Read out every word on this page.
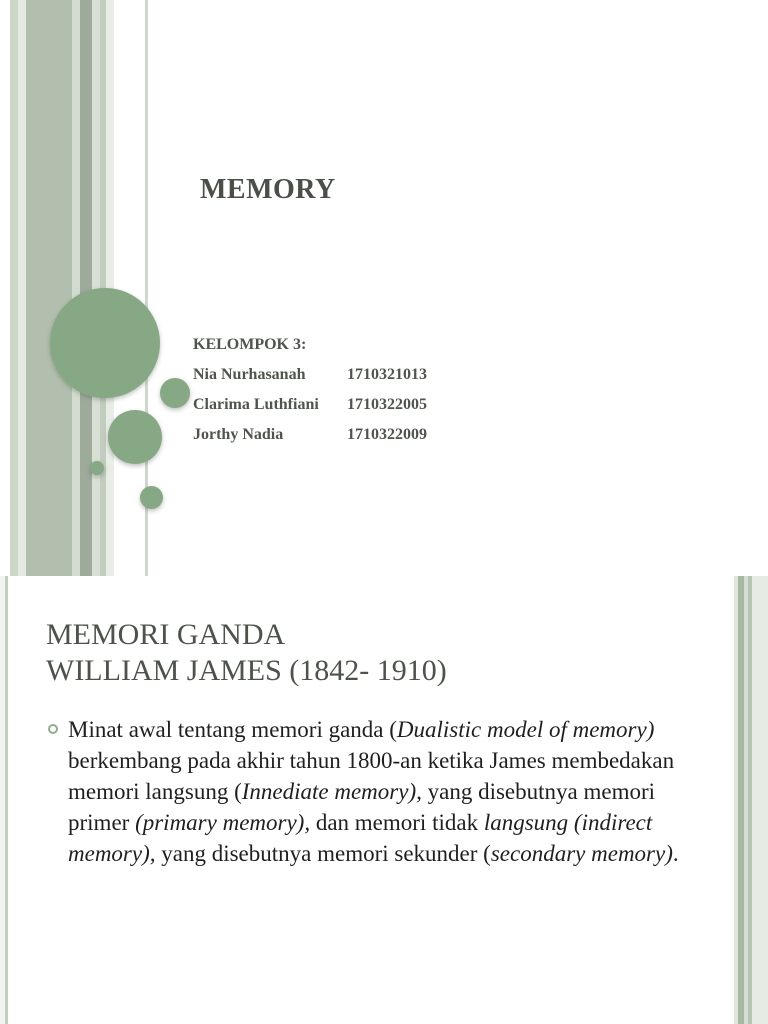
MEMORY
KELOMPOK 3:
Nia Nurhasanah	1710321013
Clarima Luthfiani 1710322005
Jorthy Nadia	1710322009
MEMORI GANDA
WILLIAM JAMES (1842- 1910)
Minat awal tentang memori ganda (Dualistic model of memory) berkembang pada akhir tahun 1800-an ketika James membedakan memori langsung (Innediate memory), yang disebutnya memori primer (primary memory), dan memori tidak langsung (indirect memory), yang disebutnya memori sekunder (secondary memory).
